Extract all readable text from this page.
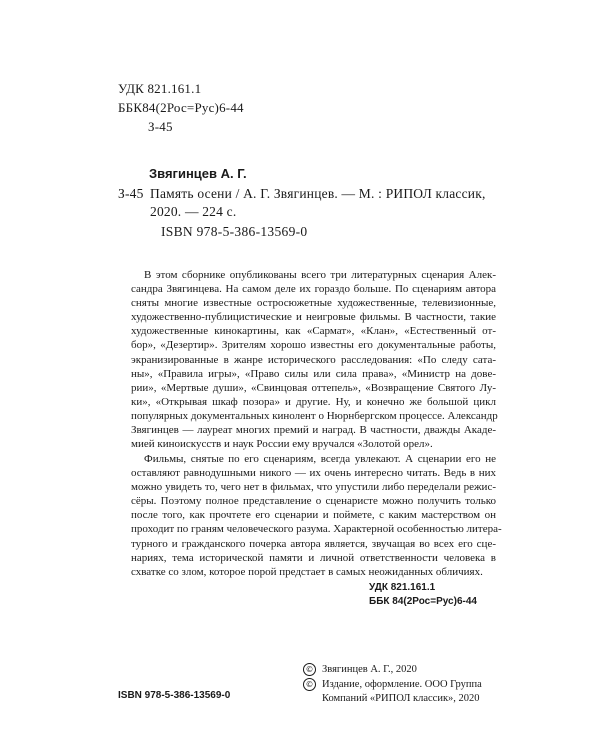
УДК 821.161.1
ББК84(2Рос=Рус)6-44
З-45
Звягинцев А. Г.
З-45 Память осени / А. Г. Звягинцев. — М. : РИПОЛ классик,
2020. — 224 с.
ISBN 978-5-386-13569-0
В этом сборнике опубликованы всего три литературных сценария Алек-
сандра Звягинцева. На самом деле их гораздо больше. По сценариям автора
сняты многие известные остросюжетные художественные, телевизионные,
художественно-публицистические и неигровые фильмы. В частности, такие
художественные кинокартины, как «Сармат», «Клан», «Естественный от-
бор», «Дезертир». Зрителям хорошо известны его документальные работы,
экранизированные в жанре исторического расследования: «По следу сата-
ны», «Правила игры», «Право силы или сила права», «Министр на довe-
рии», «Мертвые души», «Свинцовая оттепель», «Возвращение Святого Лу-
ки», «Открывая шкаф позора» и другие. Ну, и конечно же большой цикл
популярных документальных кинолент о Нюрнбергском процессе. Александр
Звягинцев — лауреат многих премий и наград. В частности, дважды Акаде-
мией кинoискусств и наук России ему вручался «Золотой орел».
Фильмы, снятые по его сценариям, всегда увлекают. А сценарии его не
оставляют равнодушными никого — их очень интересно читать. Ведь в них
можно увидеть то, чего нет в фильмах, что упустили либо переделали режис-
сёры. Поэтому полное представление о сценаристе можно получить только
после того, как прочтете его сценарии и поймете, с каким мастерством он
проходит по граням человеческого разума. Характерной особенностью литера-
турного и гражданского почерка автора является, звучащая во всех его сце-
нариях, тема исторической памяти и личной ответственности человека в
схватке со злом, которое порой предстает в самых неожиданных обличиях.
УДК 821.161.1
ББК 84(2Рос=Рус)6-44
© Звягинцев А. Г., 2020
© Издание, оформление. ООО Группа
Компаний «РИПОЛ классик», 2020
ISBN 978-5-386-13569-0
